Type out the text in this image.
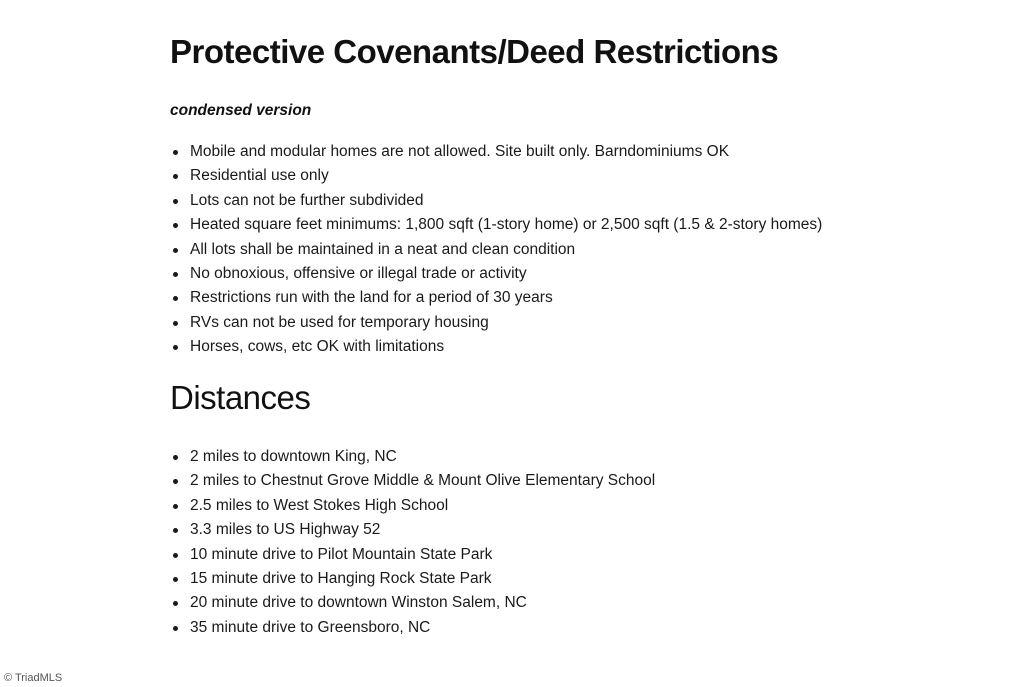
Protective Covenants/Deed Restrictions
condensed version
Mobile and modular homes are not allowed. Site built only. Barndominiums OK
Residential use only
Lots can not be further subdivided
Heated square feet minimums: 1,800 sqft (1-story home) or 2,500 sqft (1.5 & 2-story homes)
All lots shall be maintained in a neat and clean condition
No obnoxious, offensive or illegal trade or activity
Restrictions run with the land for a period of 30 years
RVs can not be used for temporary housing
Horses, cows, etc OK with limitations
Distances
2 miles to downtown King, NC
2 miles to Chestnut Grove Middle & Mount Olive Elementary School
2.5 miles to West Stokes High School
3.3 miles to US Highway 52
10 minute drive to Pilot Mountain State Park
15 minute drive to Hanging Rock State Park
20 minute drive to downtown Winston Salem, NC
35 minute drive to Greensboro, NC
© TriadMLS
